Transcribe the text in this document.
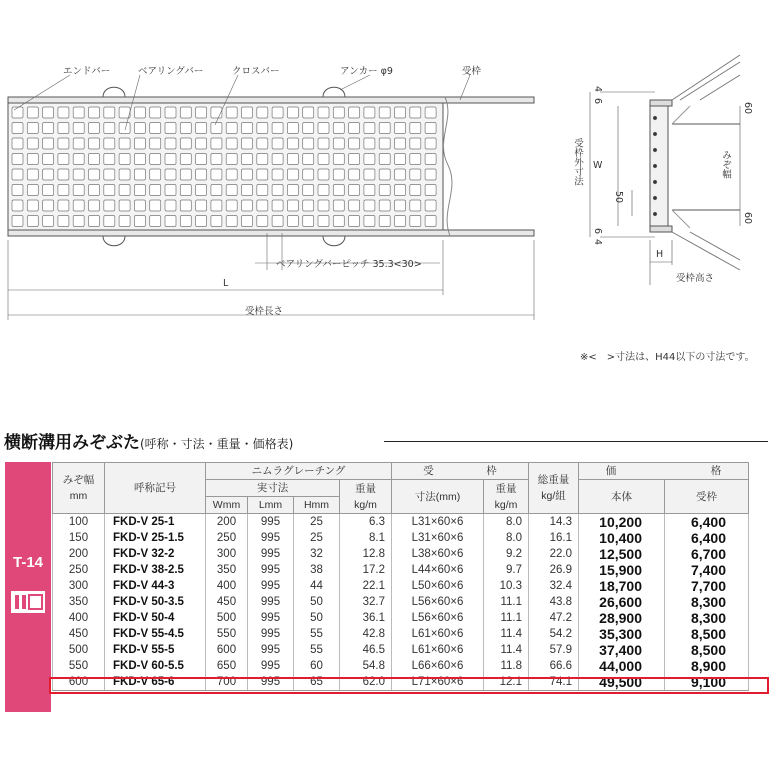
エンドバー	ベアリングバー	クロスバー	アンカー φ9	受枠
ベアリングバーピッチ 35.3<30>
L
受枠長さ
受枠外寸法 W
50
みぞ幅
60
60
4
6
6
4
H
受枠高さ
※<　>寸法は、H44以下の寸法です。
横断溝用みぞぶた(呼称・寸法・重量・価格表)
T-14
みぞ幅
mm	呼称記号	ニムラグレーチング				受　　　　　 枠		総重量
kg/組	価　　　　　　　　　 格	
		実寸法			重量
kg/m	寸法(mm)	重量
kg/m		本体	受枠
		Wmm	Lmm	Hmm						
100	FKD-V 25-1	200	995	25	6.3	L31×60×6	8.0	14.3	10,200	6,400
150	FKD-V 25-1.5	250	995	25	8.1	L31×60×6	8.0	16.1	10,400	6,400
200	FKD-V 32-2	300	995	32	12.8	L38×60×6	9.2	22.0	12,500	6,700
250	FKD-V 38-2.5	350	995	38	17.2	L44×60×6	9.7	26.9	15,900	7,400
300	FKD-V 44-3	400	995	44	22.1	L50×60×6	10.3	32.4	18,700	7,700
350	FKD-V 50-3.5	450	995	50	32.7	L56×60×6	11.1	43.8	26,600	8,300
400	FKD-V 50-4	500	995	50	36.1	L56×60×6	11.1	47.2	28,900	8,300
450	FKD-V 55-4.5	550	995	55	42.8	L61×60×6	11.4	54.2	35,300	8,500
500	FKD-V 55-5	600	995	55	46.5	L61×60×6	11.4	57.9	37,400	8,500
550	FKD-V 60-5.5	650	995	60	54.8	L66×60×6	11.8	66.6	44,000	8,900
600	FKD-V 65-6	700	995	65	62.0	L71×60×6	12.1	74.1	49,500	9,100
